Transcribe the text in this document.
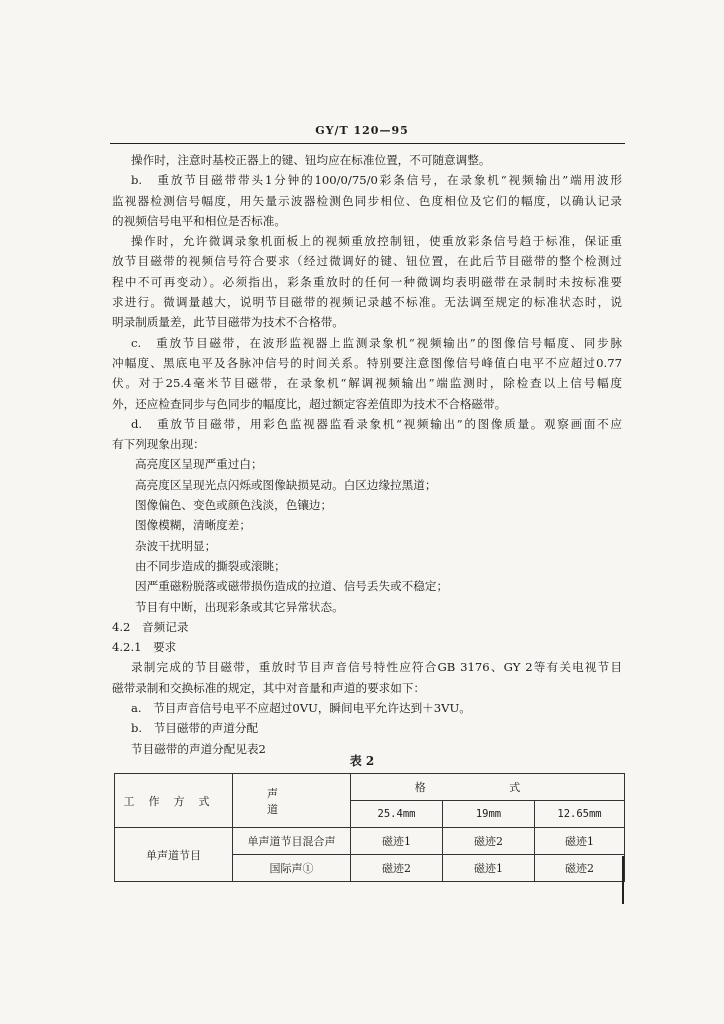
GY/T 120—95
操作时，注意时基校正器上的键、钮均应在标准位置，不可随意调整。
b.　重放节目磁带带头1分钟的100/0/75/0彩条信号，在录象机“视频输出”端用波形
监视器检测信号幅度，用矢量示波器检测色同步相位、色度相位及它们的幅度，以确认记录
的视频信号电平和相位是否标准。
操作时，允许微调录象机面板上的视频重放控制钮，使重放彩条信号趋于标准，保证重
放节目磁带的视频信号符合要求（经过微调好的键、钮位置，在此后节目磁带的整个检测过
程中不可再变动）。必须指出，彩条重放时的任何一种微调均表明磁带在录制时未按标准要
求进行。微调量越大，说明节目磁带的视频记录越不标准。无法调至规定的标准状态时，说
明录制质量差，此节目磁带为技术不合格带。
c.　重放节目磁带，在波形监视器上监测录象机“视频输出”的图像信号幅度、同步脉
冲幅度、黑底电平及各脉冲信号的时间关系。特别要注意图像信号峰值白电平不应超过0.77
伏。对于25.4毫米节目磁带，在录象机“解调视频输出”端监测时，除检查以上信号幅度
外，还应检查同步与色同步的幅度比，超过额定容差值即为技术不合格磁带。
d.　重放节目磁带，用彩色监视器监看录象机“视频输出”的图像质量。观察画面不应
有下列现象出现：
高亮度区呈现严重过白；
高亮度区呈现光点闪烁或图像缺损晃动。白区边缘拉黑道；
图像偏色、变色或颜色浅淡，色镶边；
图像模糊，清晰度差；
杂波干扰明显；
由不同步造成的撕裂或滚眺；
因严重磁粉脱落或磁带损伤造成的拉道、信号丢失或不稳定；
节目有中断，出现彩条或其它异常状态。
4.2　音频记录
4.2.1　要求
录制完成的节目磁带，重放时节目声音信号特性应符合GB 3176、GY 2等有关电视节目
磁带录制和交换标准的规定，其中对音量和声道的要求如下：
a.　节目声音信号电平不应超过0VU，瞬间电平允许达到＋3VU。
b.　节目磁带的声道分配
节目磁带的声道分配见表2
表 2
工作方式	声　道	格 式		
		25.4mm	19mm	12.65mm
单声道节目	单声道节目混合声	磁迹1	磁迹2	磁迹1
	国际声①	磁迹2	磁迹1	磁迹2
